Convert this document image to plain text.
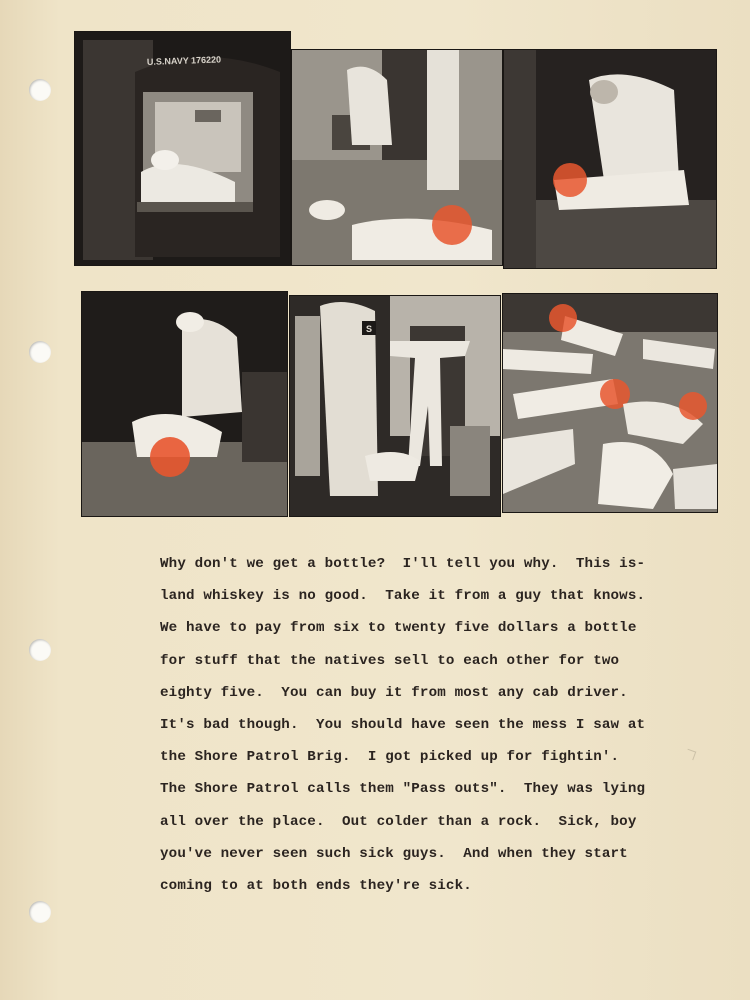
U.S.NAVY 176220
S
Why don't we get a bottle?  I'll tell you why.  This is-
land whiskey is no good.  Take it from a guy that knows.
We have to pay from six to twenty five dollars a bottle
for stuff that the natives sell to each other for two
eighty five.  You can buy it from most any cab driver.
It's bad though.  You should have seen the mess I saw at
the Shore Patrol Brig.  I got picked up for fightin'.
The Shore Patrol calls them "Pass outs".  They was lying
all over the place.  Out colder than a rock.  Sick, boy
you've never seen such sick guys.  And when they start
coming to at both ends they're sick.
